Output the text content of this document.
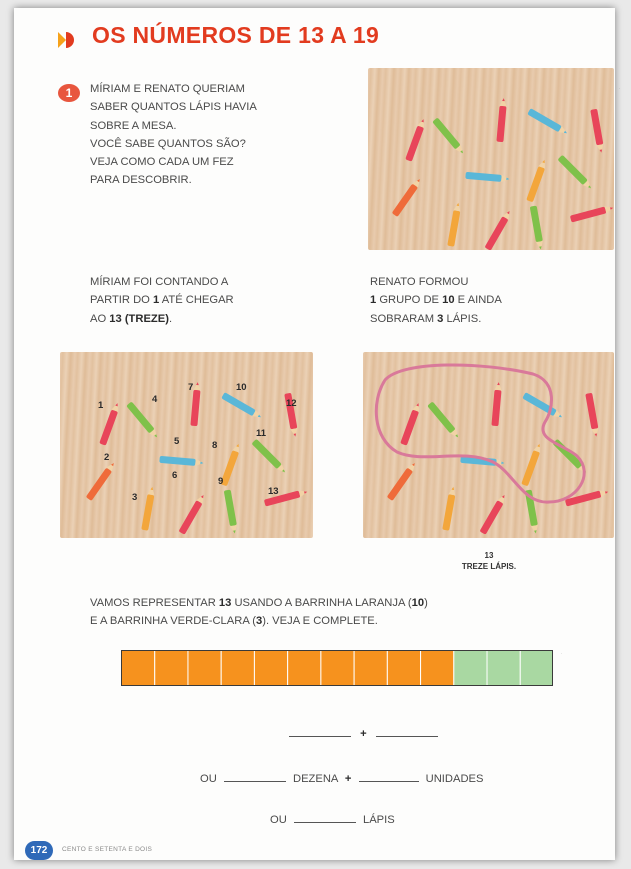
OS NÚMEROS DE 13 A 19
1	MÍRIAM E RENATO QUERIAM
SABER QUANTOS LÁPIS HAVIA
SOBRE A MESA.
VOCÊ SABE QUANTOS SÃO?
VEJA COMO CADA UM FEZ
PARA DESCOBRIR.
·
MÍRIAM FOI CONTANDO A
PARTIR DO 1 ATÉ CHEGAR
AO 13 (TREZE).
RENATO FORMOU
1 GRUPO DE 10 E AINDA
SOBRARAM 3 LÁPIS.
1
2
3
4
5
6
7
8
9
10
11
12
13
13
TREZE LÁPIS.
VAMOS REPRESENTAR 13 USANDO A BARRINHA LARANJA (10)
E A BARRINHA VERDE-CLARA (3). VEJA E COMPLETE.
·
+
OU	DEZENA +	UNIDADES
OU	LÁPIS
172	CENTO E SETENTA E DOIS
